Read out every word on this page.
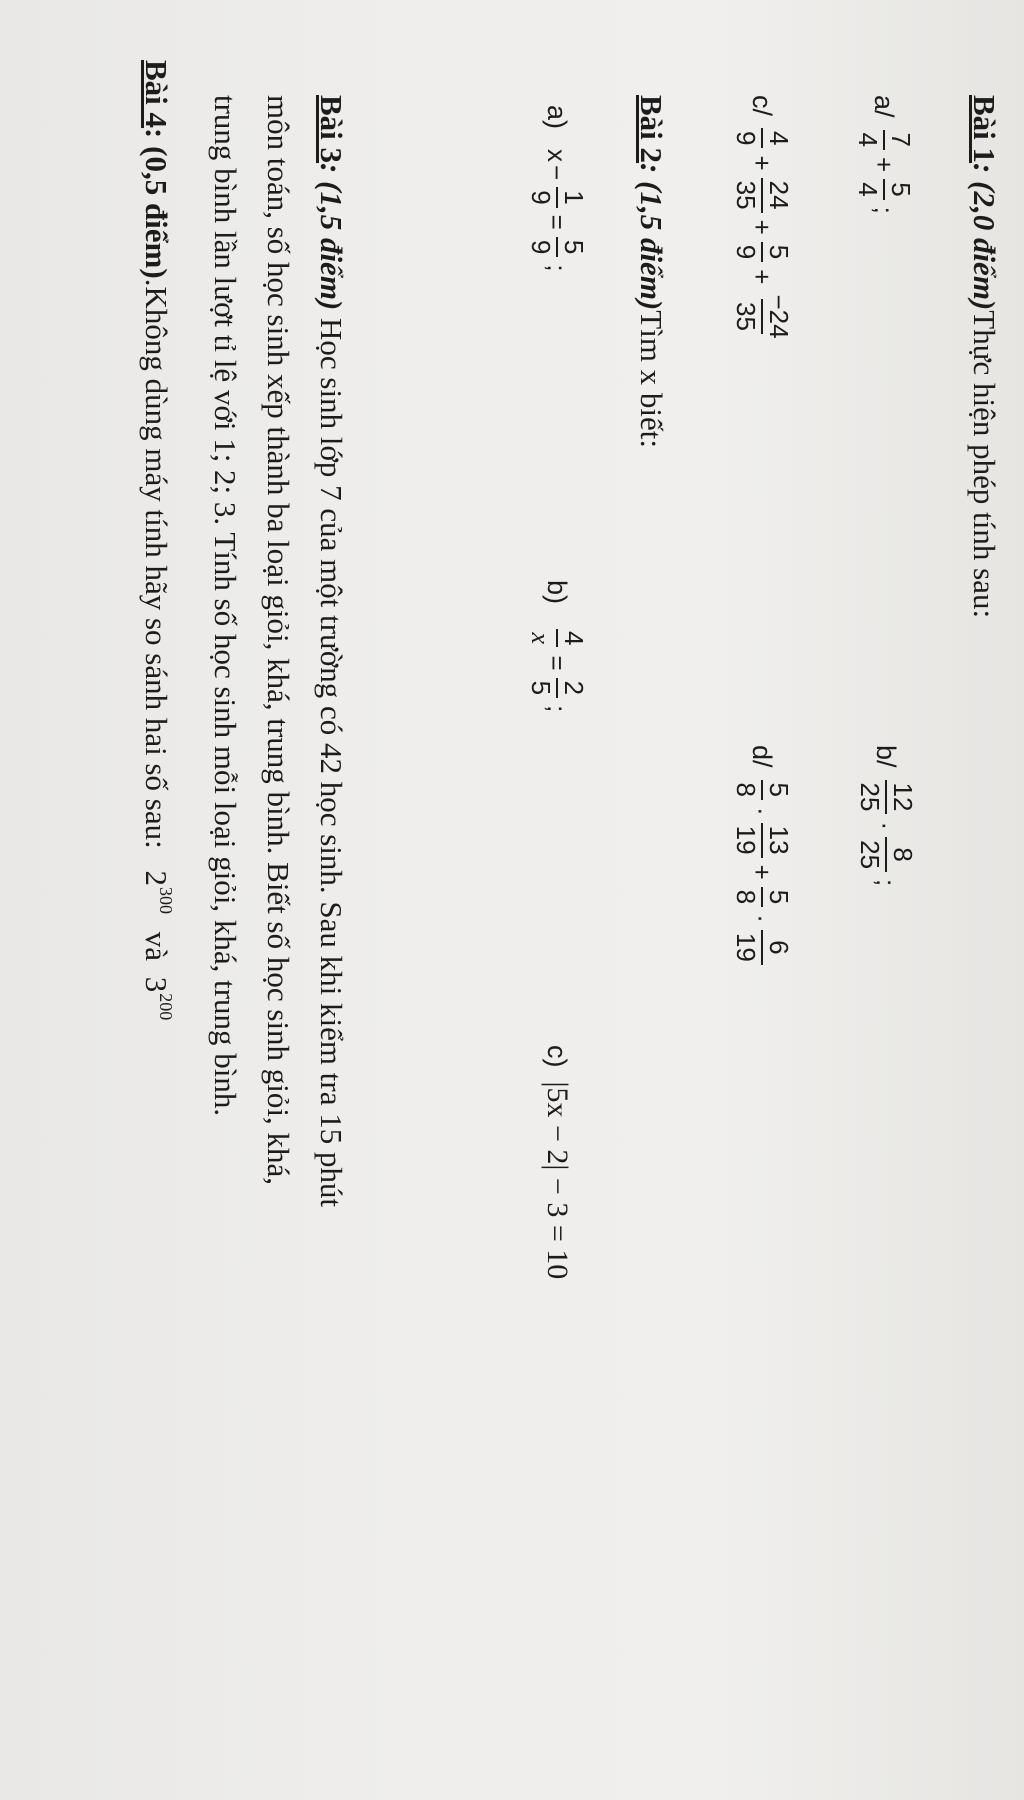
Bài 1: (2,0 điểm)Thực hiện phép tính sau:
a/
7
4
+
5
4
;
b/
12
25
·
8
25
;
c/
4
9
+
24
35
+
5
9
+
−24
35
d/
5
8
·
13
19
+
5
8
·
6
19
Bài 2: (1,5 điểm)Tìm x biết:
a)
x
−
1
9
=
5
9
;
b)
4
x
=
2
5
;
c)
|5x − 2| − 3 = 10
Bài 3: (1,5 điểm) Học sinh lớp 7 của một trường có 42 học sinh. Sau khi kiểm tra 15 phút
môn toán, số học sinh xếp thành ba loại giỏi, khá, trung bình. Biết số học sinh giỏi, khá,
trung bình lần lượt tỉ lệ với 1; 2; 3. Tính số học sinh mỗi loại giỏi, khá, trung bình.
Bài 4: (0,5 điểm).Không dùng máy tính hãy so sánh hai số sau: $2^{300}$ và $3^{200}$
